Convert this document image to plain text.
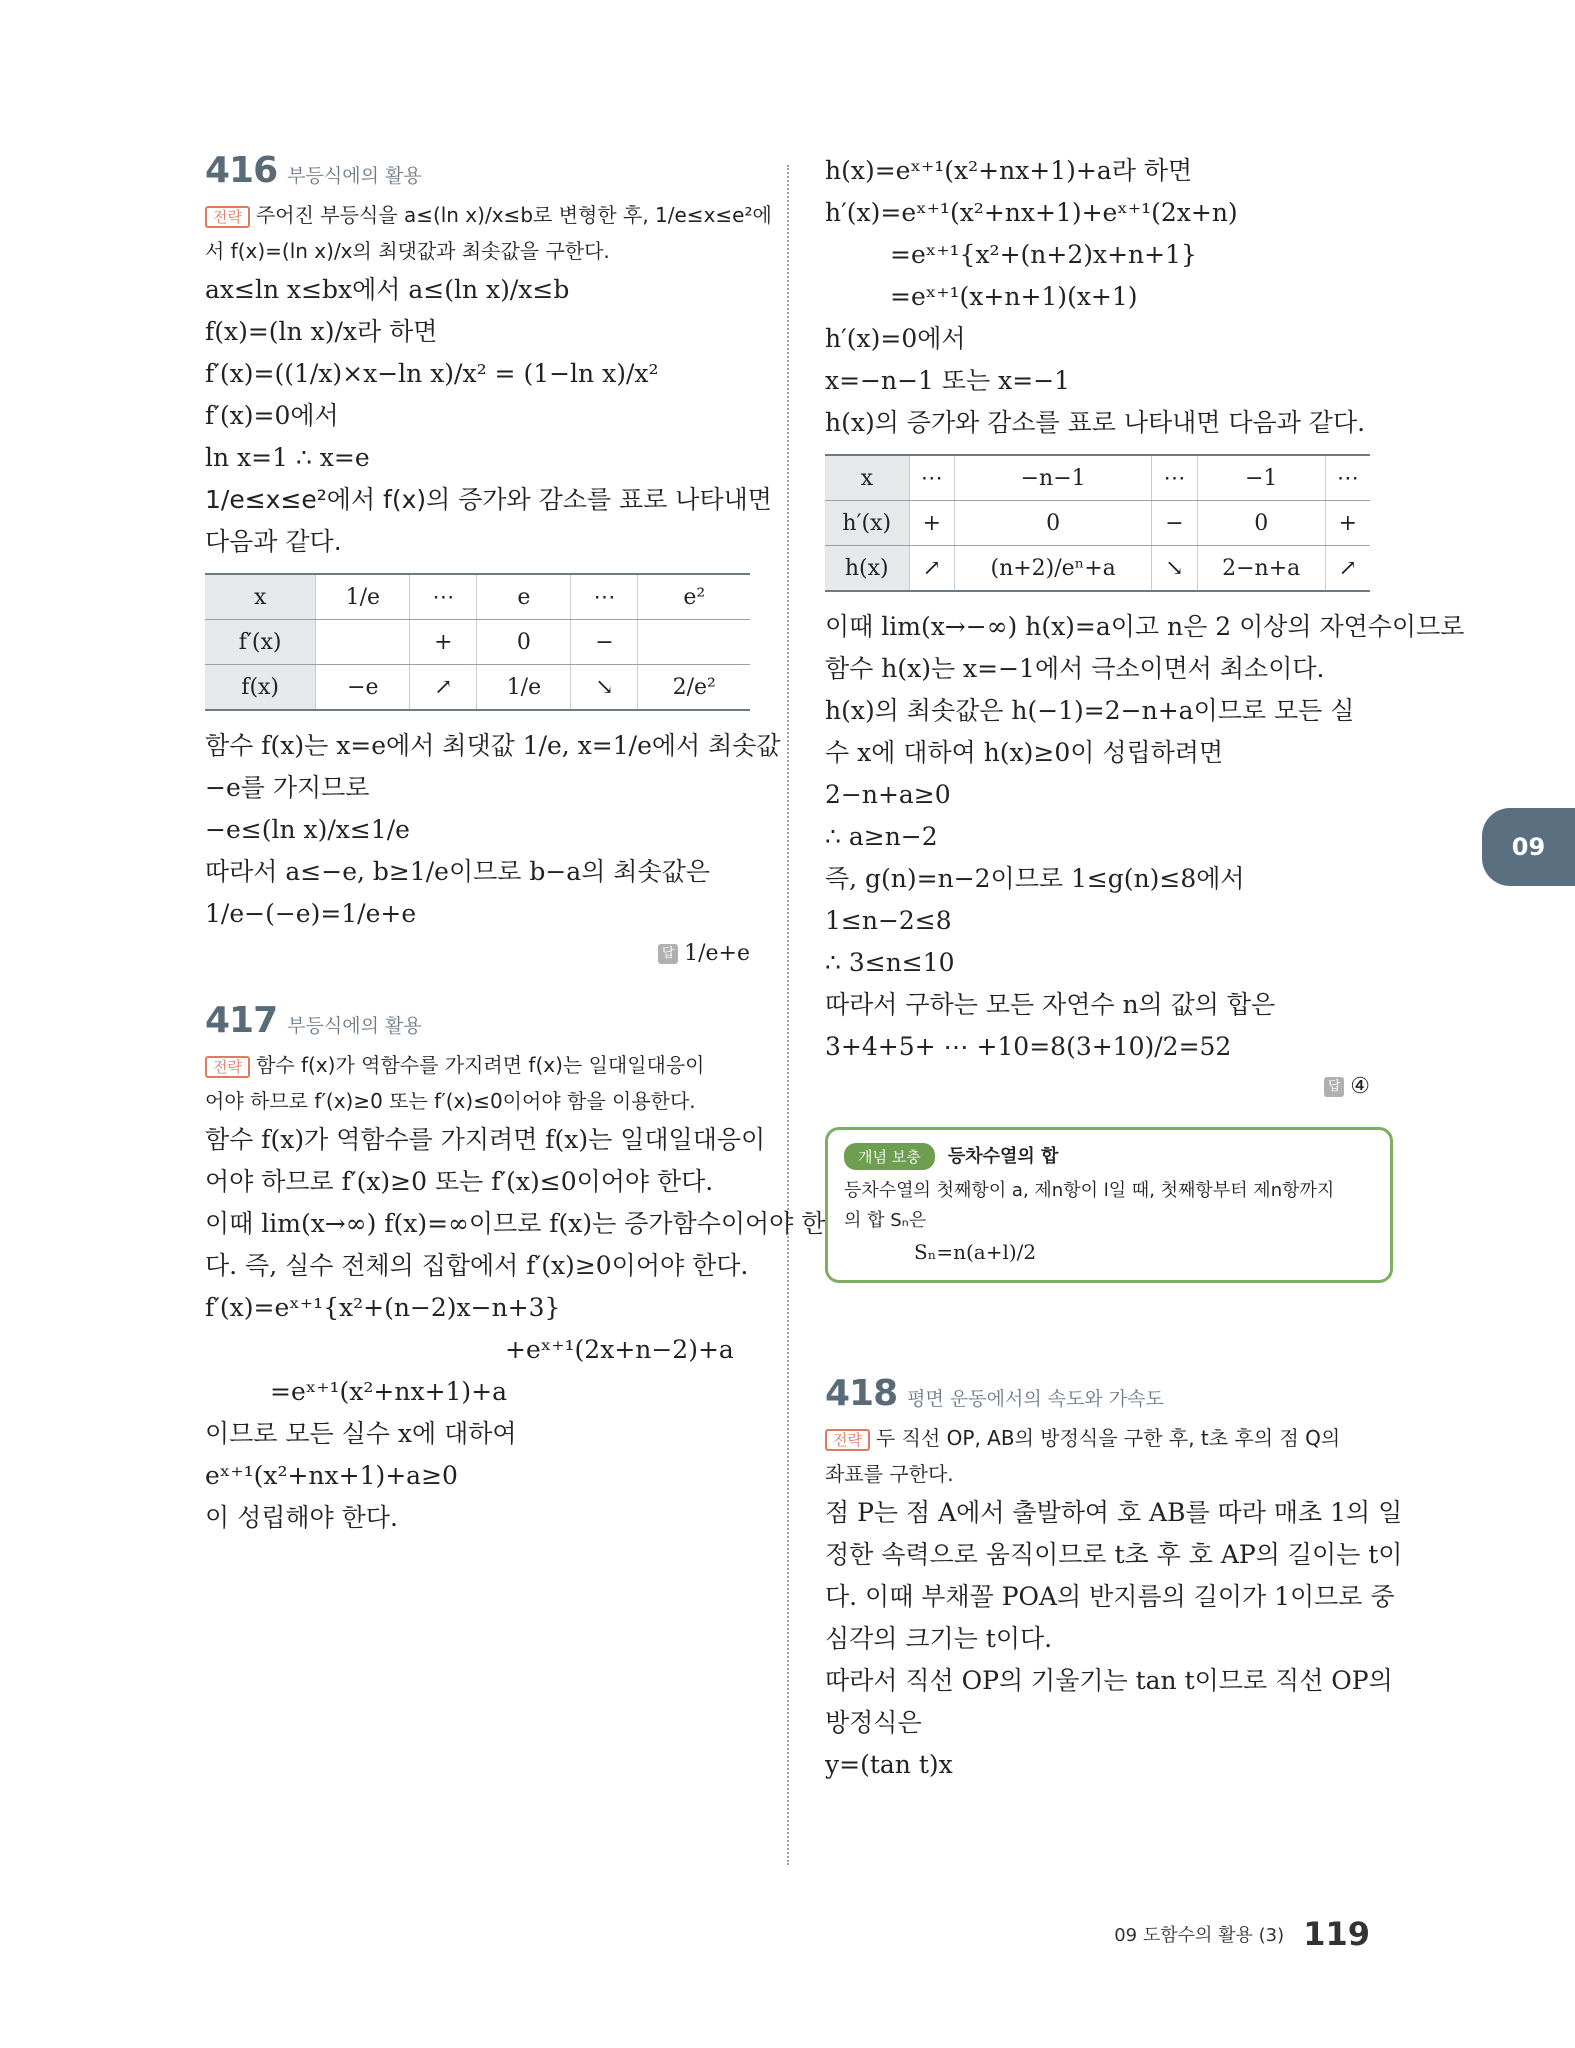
416 부등식에의 활용
전략 주어진 부등식을 a≤(ln x)/x≤b로 변형한 후, 1/e≤x≤e²에
서 f(x)=(ln x)/x의 최댓값과 최솟값을 구한다.
ax≤ln x≤bx에서 a≤(ln x)/x≤b
f(x)=(ln x)/x라 하면
f′(x)=((1/x)×x−ln x)/x² = (1−ln x)/x²
f′(x)=0에서
ln x=1 ∴ x=e
1/e≤x≤e²에서 f(x)의 증가와 감소를 표로 나타내면
다음과 같다.
x	1/e	⋯	e	⋯	e²
f′(x)		+	0	−	
f(x)	−e	↗	1/e	↘	2/e²
함수 f(x)는 x=e에서 최댓값 1/e, x=1/e에서 최솟값
−e를 가지므로
−e≤(ln x)/x≤1/e
따라서 a≤−e, b≥1/e이므로 b−a의 최솟값은
1/e−(−e)=1/e+e
답 1/e+e
417 부등식에의 활용
전략 함수 f(x)가 역함수를 가지려면 f(x)는 일대일대응이
어야 하므로 f′(x)≥0 또는 f′(x)≤0이어야 함을 이용한다.
함수 f(x)가 역함수를 가지려면 f(x)는 일대일대응이
어야 하므로 f′(x)≥0 또는 f′(x)≤0이어야 한다.
이때 lim(x→∞) f(x)=∞이므로 f(x)는 증가함수이어야 한
다. 즉, 실수 전체의 집합에서 f′(x)≥0이어야 한다.
f′(x)=eˣ⁺¹{x²+(n−2)x−n+3}
+eˣ⁺¹(2x+n−2)+a
=eˣ⁺¹(x²+nx+1)+a
이므로 모든 실수 x에 대하여
eˣ⁺¹(x²+nx+1)+a≥0
이 성립해야 한다.
h(x)=eˣ⁺¹(x²+nx+1)+a라 하면
h′(x)=eˣ⁺¹(x²+nx+1)+eˣ⁺¹(2x+n)
=eˣ⁺¹{x²+(n+2)x+n+1}
=eˣ⁺¹(x+n+1)(x+1)
h′(x)=0에서
x=−n−1 또는 x=−1
h(x)의 증가와 감소를 표로 나타내면 다음과 같다.
x	⋯	−n−1	⋯	−1	⋯
h′(x)	+	0	−	0	+
h(x)	↗	(n+2)/eⁿ+a	↘	2−n+a	↗
이때 lim(x→−∞) h(x)=a이고 n은 2 이상의 자연수이므로
함수 h(x)는 x=−1에서 극소이면서 최소이다.
h(x)의 최솟값은 h(−1)=2−n+a이므로 모든 실
수 x에 대하여 h(x)≥0이 성립하려면
2−n+a≥0
∴ a≥n−2
즉, g(n)=n−2이므로 1≤g(n)≤8에서
1≤n−2≤8
∴ 3≤n≤10
따라서 구하는 모든 자연수 n의 값의 합은
3+4+5+ ⋯ +10=8(3+10)/2=52
답 ④
개념 보충 등차수열의 합
등차수열의 첫째항이 a, 제n항이 l일 때, 첫째항부터 제n항까지
의 합 Sₙ은
Sₙ=n(a+l)/2
418 평면 운동에서의 속도와 가속도
전략 두 직선 OP, AB의 방정식을 구한 후, t초 후의 점 Q의
좌표를 구한다.
점 P는 점 A에서 출발하여 호 AB를 따라 매초 1의 일
정한 속력으로 움직이므로 t초 후 호 AP의 길이는 t이
다. 이때 부채꼴 POA의 반지름의 길이가 1이므로 중
심각의 크기는 t이다.
따라서 직선 OP의 기울기는 tan t이므로 직선 OP의
방정식은
y=(tan t)x
09
09 도함수의 활용 (3) 119
